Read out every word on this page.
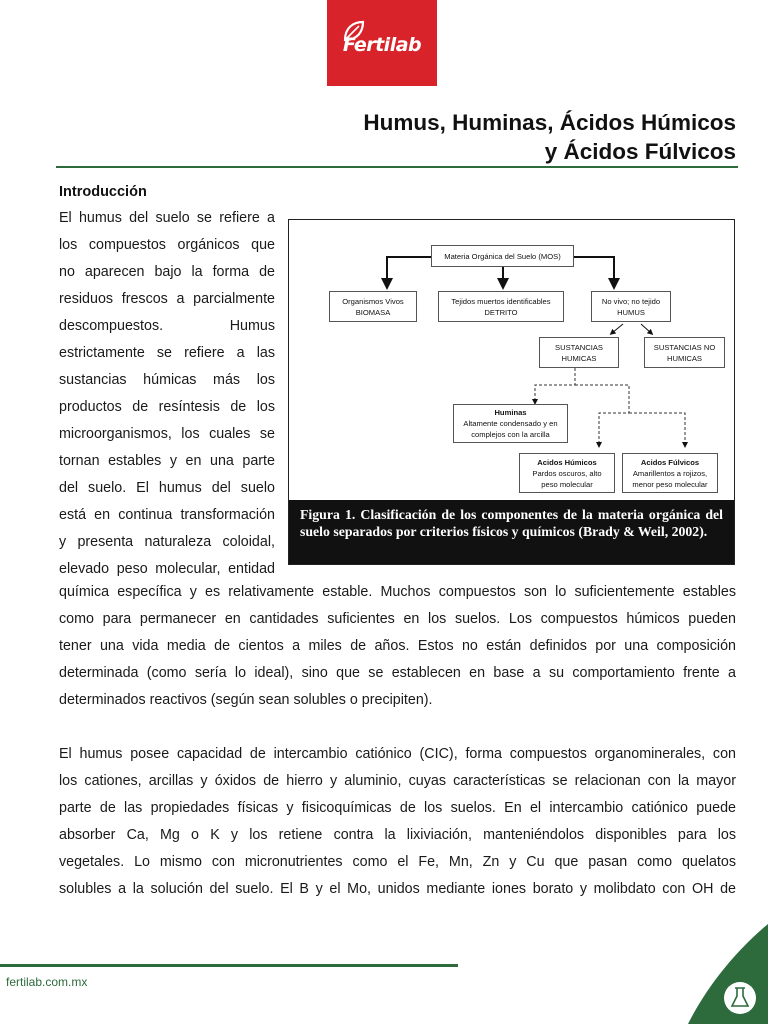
Fertilab
Humus, Huminas, Ácidos Húmicos
y Ácidos Fúlvicos
Introducción
El humus del suelo se refiere a
los compuestos orgánicos que
no aparecen bajo la forma de
residuos frescos a parcialmente
descompuestos. Humus
estrictamente se refiere a las
sustancias húmicas más los
productos de resíntesis de los
microorganismos, los cuales se
tornan estables y en una parte
del suelo. El humus del suelo
está en continua transformación
y presenta naturaleza coloidal,
elevado peso molecular, entidad
Materia Orgánica del Suelo (MOS)
Organismos Vivos
BIOMASA
Tejidos muertos identificables
DETRITO
No vivo; no tejido
HUMUS
SUSTANCIAS
HUMICAS
SUSTANCIAS NO
HUMICAS
Huminas
Altamente condensado y en
complejos con la arcilla
Acidos Húmicos
Pardos oscuros, alto
peso molecular
Acidos Fúlvicos
Amarillentos a rojizos,
menor peso molecular
Figura 1. Clasificación de los componentes de la materia orgánica del suelo separados por criterios físicos y químicos (Brady & Weil, 2002).
química específica y es relativamente estable. Muchos compuestos son lo suficientemente estables
como para permanecer en cantidades suficientes en los suelos. Los compuestos húmicos pueden
tener una vida media de cientos a miles de años. Estos no están definidos por una composición
determinada (como sería lo ideal), sino que se establecen en base a su comportamiento frente a
determinados reactivos (según sean solubles o precipiten).
El humus posee capacidad de intercambio catiónico (CIC), forma compuestos organominerales, con
los cationes, arcillas y óxidos de hierro y aluminio, cuyas características se relacionan con la mayor
parte de las propiedades físicas y fisicoquímicas de los suelos. En el intercambio catiónico puede
absorber Ca, Mg o K y los retiene contra la lixiviación, manteniéndolos disponibles para los
vegetales. Lo mismo con micronutrientes como el Fe, Mn, Zn y Cu que pasan como quelatos
solubles a la solución del suelo. El B y el Mo, unidos mediante iones borato y molibdato con OH de
fertilab.com.mx
